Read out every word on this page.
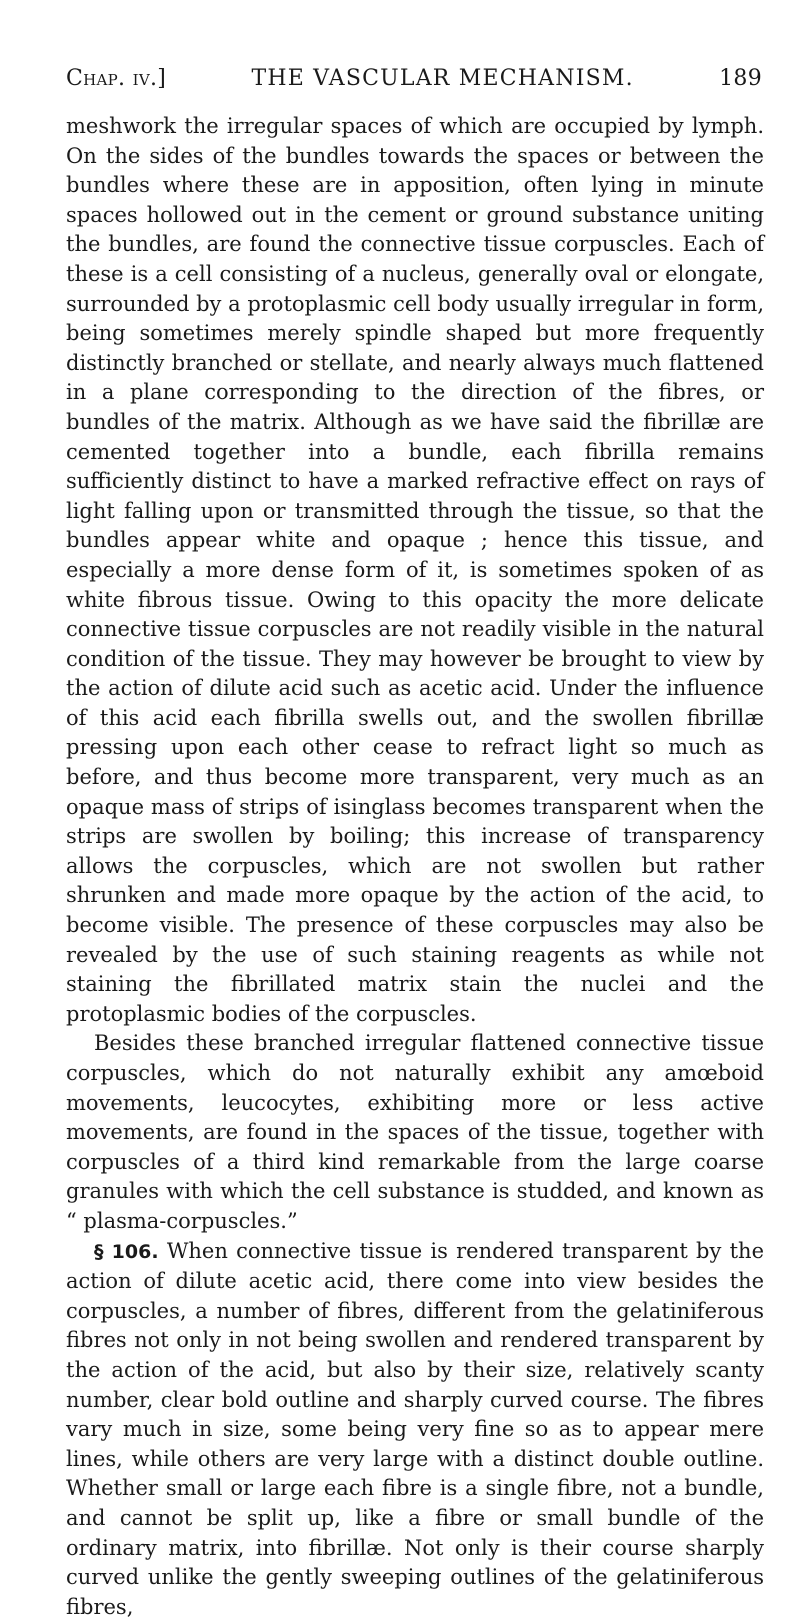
Chap. iv.]	THE VASCULAR MECHANISM.	189

meshwork the irregular spaces of which are occupied by lymph. On the sides of the bundles towards the spaces or between the bundles where these are in apposition, often lying in minute spaces hollowed out in the cement or ground substance uniting the bundles, are found the connective tissue corpuscles. Each of these is a cell consisting of a nucleus, generally oval or elongate, surrounded by a protoplasmic cell body usually irregular in form, being sometimes merely spindle shaped but more frequently distinctly branched or stellate, and nearly always much flattened in a plane corresponding to the direction of the fibres, or bundles of the matrix. Although as we have said the fibrillæ are cemented together into a bundle, each fibrilla remains sufficiently distinct to have a marked refractive effect on rays of light falling upon or transmitted through the tissue, so that the bundles appear white and opaque ; hence this tissue, and especially a more dense form of it, is sometimes spoken of as white fibrous tissue. Owing to this opacity the more delicate connective tissue corpuscles are not readily visible in the natural condition of the tissue. They may however be brought to view by the action of dilute acid such as acetic acid. Under the influence of this acid each fibrilla swells out, and the swollen fibrillæ pressing upon each other cease to refract light so much as before, and thus become more transparent, very much as an opaque mass of strips of isinglass becomes transparent when the strips are swollen by boiling; this increase of transparency allows the corpuscles, which are not swollen but rather shrunken and made more opaque by the action of the acid, to become visible. The presence of these corpuscles may also be revealed by the use of such staining reagents as while not staining the fibrillated matrix stain the nuclei and the protoplasmic bodies of the corpuscles.

Besides these branched irregular flattened connective tissue corpuscles, which do not naturally exhibit any amœboid movements, leucocytes, exhibiting more or less active movements, are found in the spaces of the tissue, together with corpuscles of a third kind remarkable from the large coarse granules with which the cell substance is studded, and known as “ plasma-corpuscles.”

§ 106. When connective tissue is rendered transparent by the action of dilute acetic acid, there come into view besides the corpuscles, a number of fibres, different from the gelatiniferous fibres not only in not being swollen and rendered transparent by the action of the acid, but also by their size, relatively scanty number, clear bold outline and sharply curved course. The fibres vary much in size, some being very fine so as to appear mere lines, while others are very large with a distinct double outline. Whether small or large each fibre is a single fibre, not a bundle, and cannot be split up, like a fibre or small bundle of the ordinary matrix, into fibrillæ. Not only is their course sharply curved unlike the gently sweeping outlines of the gelatiniferous fibres,
